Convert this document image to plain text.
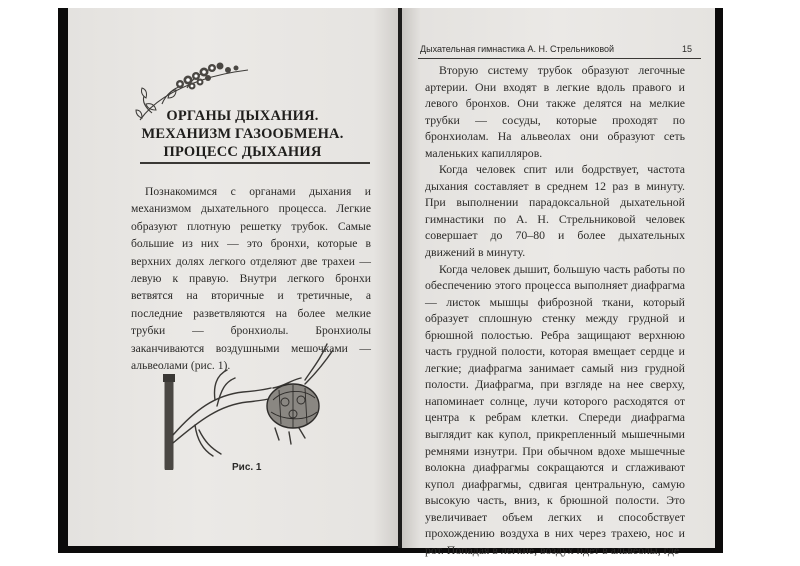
ОРГАНЫ ДЫХАНИЯ. МЕХАНИЗМ ГАЗООБМЕНА. ПРОЦЕСС ДЫХАНИЯ

Познакомимся с органами дыхания и механизмом дыхательного процесса. Легкие образуют плотную решетку трубок. Самые большие из них — это бронхи, которые в верхних долях легкого отделяют две трахеи — левую к правую. Внутри легкого бронхи ветвятся на вторичные и третичные, а последние разветвляются на более мелкие трубки — бронхиолы. Бронхиолы заканчиваются воздушными мешочками — альвеолами (рис. 1).

Рис. 1
Дыхательная гимнастика А. Н. Стрельниковой	15

Вторую систему трубок образуют легочные артерии. Они входят в легкие вдоль правого и левого бронхов. Они также делятся на мелкие трубки — сосуды, которые проходят по бронхиолам. На альвеолах они образуют сеть маленьких капилляров.

Когда человек спит или бодрствует, частота дыхания составляет в среднем 12 раз в минуту. При выполнении парадоксальной дыхательной гимнастики по А. Н. Стрельниковой человек совершает до 70–80 и более дыхательных движений в минуту.

Когда человек дышит, большую часть работы по обеспечению этого процесса выполняет диафрагма — листок мышцы фиброзной ткани, который образует сплошную стенку между грудной и брюшной полостью. Ребра защищают верхнюю часть грудной полости, которая вмещает сердце и легкие; диафрагма занимает самый низ грудной полости. Диафрагма, при взгляде на нее сверху, напоминает солнце, лучи которого расходятся от центра к ребрам клетки. Спереди диафрагма выглядит как купол, прикрепленный мышечными ремнями изнутри. При обычном вдохе мышечные волокна диафрагмы сокращаются и сглаживают купол диафрагмы, сдвигая центральную, самую высокую часть, вниз, к брюшной полости. Это увеличивает объем легких и способствует прохождению воздуха в них через трахею, нос и рот. Попадая в легкие, воздух идет в альвеолы, где
